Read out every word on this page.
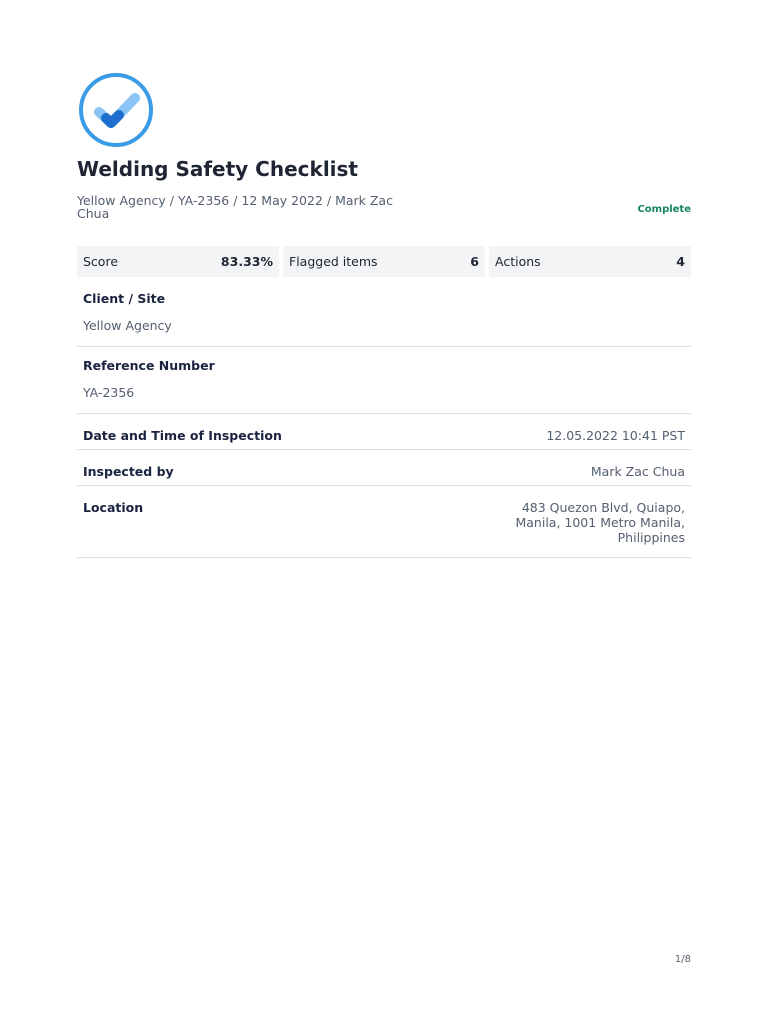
Welding Safety Checklist
Yellow Agency / YA-2356 / 12 May 2022 / Mark Zac Chua	Complete
Score	83.33% Flagged items	6 Actions	4
Client / Site
Yellow Agency
Reference Number
YA-2356
Date and Time of Inspection	12.05.2022 10:41 PST
Inspected by	Mark Zac Chua
Location	483 Quezon Blvd, Quiapo, Manila, 1001 Metro Manila, Philippines
1/8
